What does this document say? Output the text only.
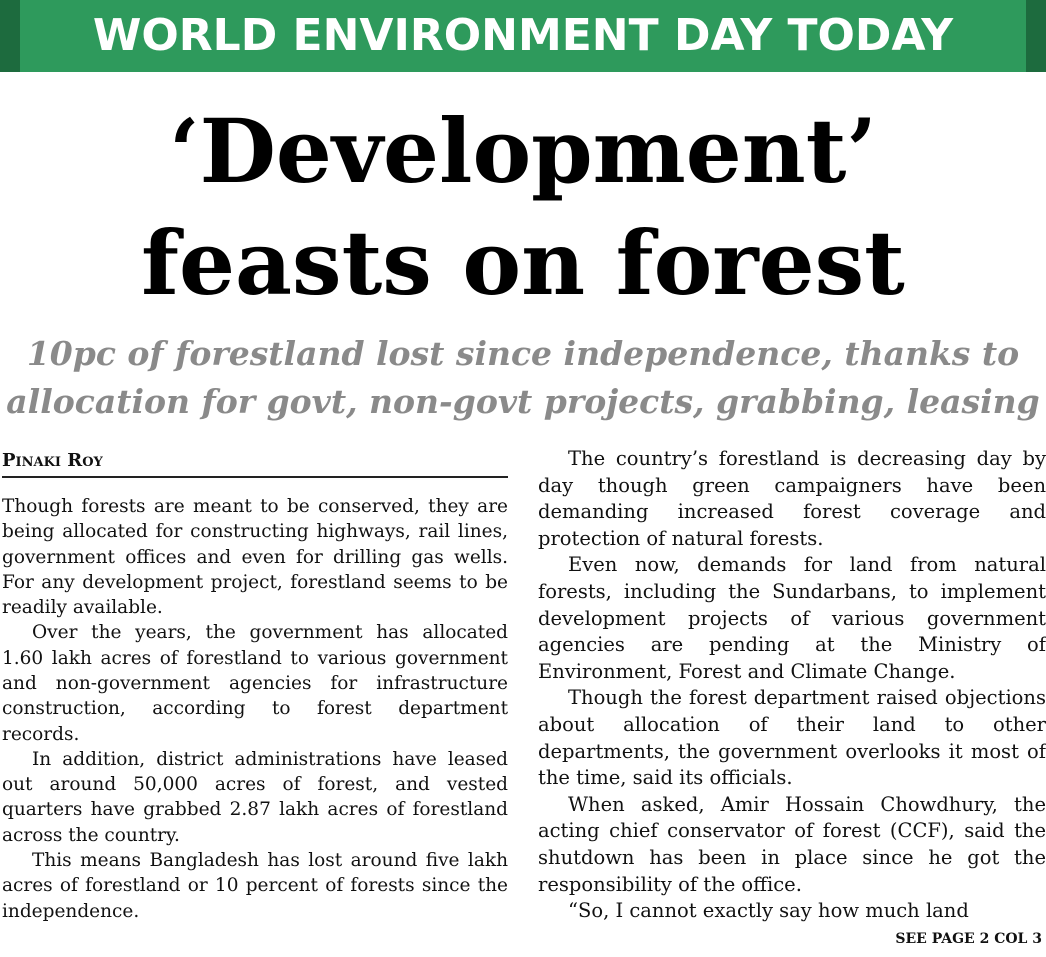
WORLD ENVIRONMENT DAY TODAY
‘Development’
feasts on forest
10pc of forestland lost since independence, thanks to
allocation for govt, non-govt projects, grabbing, leasing
Pinaki Roy

Though forests are meant to be conserved, they are being allocated for constructing highways, rail lines, government offices and even for drilling gas wells. For any development project, forestland seems to be readily available.

Over the years, the government has allocated 1.60 lakh acres of forestland to various government and non-government agencies for infrastructure construction, according to forest department records.

In addition, district administrations have leased out around 50,000 acres of forest, and vested quarters have grabbed 2.87 lakh acres of forestland across the country.

This means Bangladesh has lost around five lakh acres of forestland or 10 percent of forests since the independence.

The country’s forestland is decreasing day by day though green campaigners have been demanding increased forest coverage and protection of natural forests.

Even now, demands for land from natural forests, including the Sundarbans, to implement development projects of various government agencies are pending at the Ministry of Environment, Forest and Climate Change.

Though the forest department raised objections about allocation of their land to other departments, the government overlooks it most of the time, said its officials.

When asked, Amir Hossain Chowdhury, the acting chief conservator of forest (CCF), said the shutdown has been in place since he got the responsibility of the office.

“So, I cannot exactly say how much land

SEE PAGE 2 COL 3
